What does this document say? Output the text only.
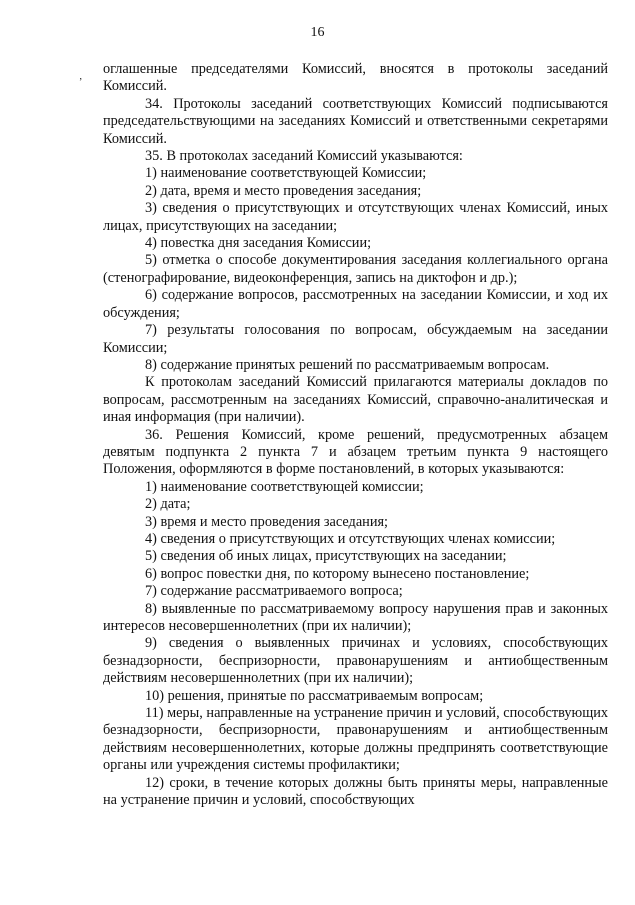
16
‚ оглашенные председателями Комиссий, вносятся в протоколы заседаний Комиссий.

34. Протоколы заседаний соответствующих Комиссий подписываются председательствующими на заседаниях Комиссий и ответственными секретарями Комиссий.

35. В протоколах заседаний Комиссий указываются:

1) наименование соответствующей Комиссии;

2) дата, время и место проведения заседания;

3) сведения о присутствующих и отсутствующих членах Комиссий, иных лицах, присутствующих на заседании;

4) повестка дня заседания Комиссии;

5) отметка о способе документирования заседания коллегиального органа (стенографирование, видеоконференция, запись на диктофон и др.);

6) содержание вопросов, рассмотренных на заседании Комиссии, и ход их обсуждения;

7) результаты голосования по вопросам, обсуждаемым на заседании Комиссии;

8) содержание принятых решений по рассматриваемым вопросам.

К протоколам заседаний Комиссий прилагаются материалы докладов по вопросам, рассмотренным на заседаниях Комиссий, справочно-аналитическая и иная информация (при наличии).

36. Решения Комиссий, кроме решений, предусмотренных абзацем девятым подпункта 2 пункта 7 и абзацем третьим пункта 9 настоящего Положения, оформляются в форме постановлений, в которых указываются:

1) наименование соответствующей комиссии;

2) дата;

3) время и место проведения заседания;

4) сведения о присутствующих и отсутствующих членах комиссии;

5) сведения об иных лицах, присутствующих на заседании;

6) вопрос повестки дня, по которому вынесено постановление;

7) содержание рассматриваемого вопроса;

8) выявленные по рассматриваемому вопросу нарушения прав и законных интересов несовершеннолетних (при их наличии);

9) сведения о выявленных причинах и условиях, способствующих безнадзорности, беспризорности, правонарушениям и антиобщественным действиям несовершеннолетних (при их наличии);

10) решения, принятые по рассматриваемым вопросам;

11) меры, направленные на устранение причин и условий, способствующих безнадзорности, беспризорности, правонарушениям и антиобщественным действиям несовершеннолетних, которые должны предпринять соответствующие органы или учреждения системы профилактики;

12) сроки, в течение которых должны быть приняты меры, направленные на устранение причин и условий, способствующих
